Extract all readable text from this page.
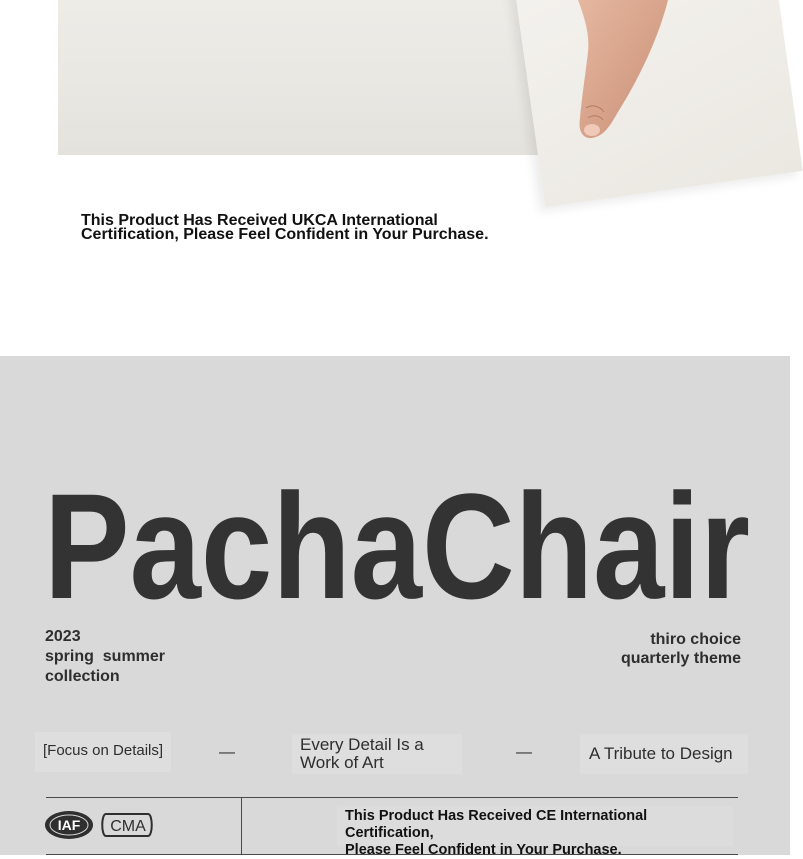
This Product Has Received UKCA International
Certification, Please Feel Confident in Your Purchase.
PachaChair
2023
spring  summer
collection
thiro choice
quarterly theme
[Focus on Details]	—	Every Detail Is a
Work of Art
—	A Tribute to Design
IAF CMA
This Product Has Received CE International Certification,
Please Feel Confident in Your Purchase.
